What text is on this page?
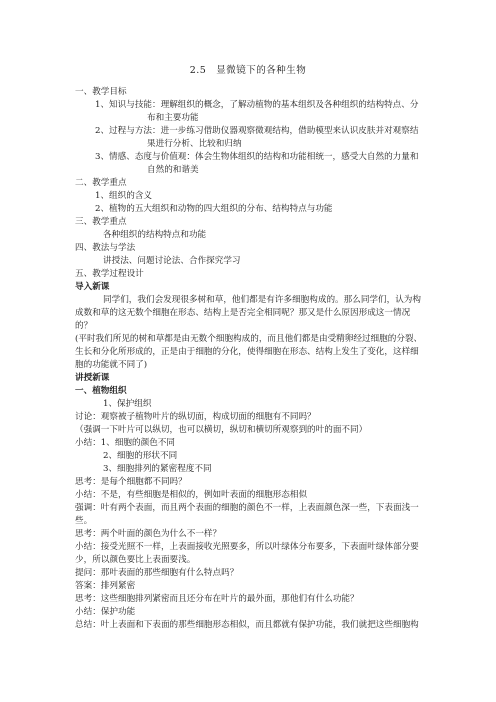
2.5　显微镜下的各种生物
一、教学目标
1、知识与技能：理解组织的概念，了解动植物的基本组织及各种组织的结构特点、分
布和主要功能
2、过程与方法：进一步练习借助仪器观察微观结构，借助模型来认识皮肤并对观察结
果进行分析、比较和归纳
3、情感、态度与价值观：体会生物体组织的结构和功能相统一，感受大自然的力量和
自然的和谐美
二、教学重点
1、组织的含义
2、植物的五大组织和动物的四大组织的分布、结构特点与功能
三、教学重点
各种组织的结构特点和功能
四、教法与学法
讲授法、问题讨论法、合作探究学习
五、教学过程设计
导入新课
同学们，我们会发现很多树和草，他们都是有许多细胞构成的。那么同学们，认为构
成数和草的这无数个细胞在形态、结构上是否完全相同呢？那又是什么原因形成这一情况
的？
(平时我们所见的树和草都是由无数个细胞构成的，而且他们都是由受精卵经过细胞的分裂、
生长和分化所形成的，正是由于细胞的分化，使得细胞在形态、结构上发生了变化，这样细
胞的功能就不同了)
讲授新课
一、植物组织
1、保护组织
讨论：观察被子植物叶片的纵切面，构成切面的细胞有不同吗？
（强调一下叶片可以纵切，也可以横切，纵切和横切所观察到的叶的面不同）
小结：1、细胞的颜色不同
2、细胞的形状不同
3、细胞排列的紧密程度不同
思考：是每个细胞都不同吗？
小结：不是，有些细胞是相似的，例如叶表面的细胞形态相似
强调：叶有两个表面，而且两个表面的细胞的颜色不一样，上表面颜色深一些，下表面浅一
些。
思考：两个叶面的颜色为什么不一样？
小结：接受光照不一样，上表面接收光照要多，所以叶绿体分布要多，下表面叶绿体部分要
少，所以颜色要比上表面要浅。
提问：那叶表面的那些细胞有什么特点吗？
答案：排列紧密
思考：这些细胞排列紧密而且还分布在叶片的最外面，那他们有什么功能？
小结：保护功能
总结：叶上表面和下表面的那些细胞形态相似，而且都就有保护功能，我们就把这些细胞构
